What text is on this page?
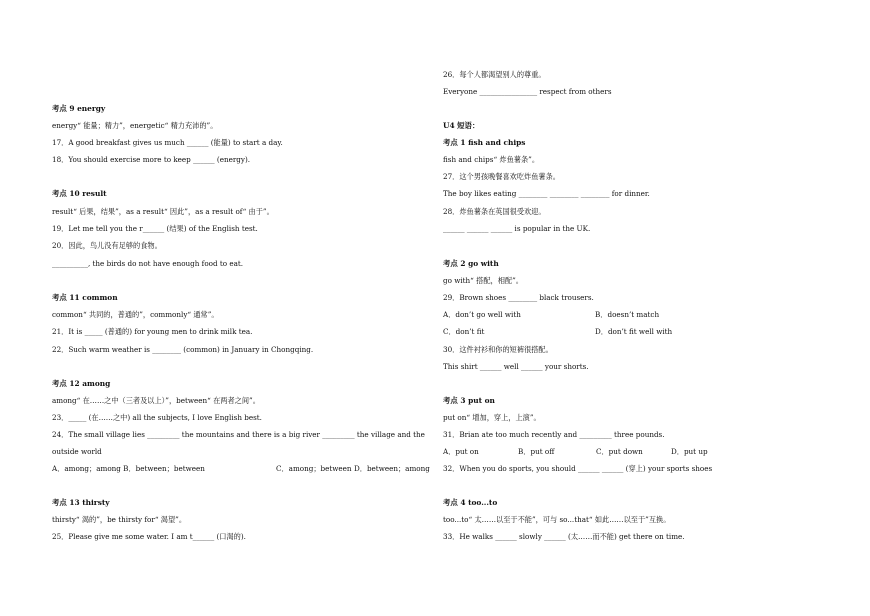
考点 9 energy
energy“ 能量；精力”，energetic“ 精力充沛的”。
17．A good breakfast gives us much ______ (能量) to start a day.
18．You should exercise more to keep ______ (energy).
考点 10 result
result“ 后果，结果”，as a result“ 因此”，as a result of“ 由于”。
19．Let me tell you the r______ (结果) of the English test.
20．因此，鸟儿没有足够的食物。
__________, the birds do not have enough food to eat.
考点 11 common
common“ 共同的，普通的”，commonly“ 通常”。
21．It is _____ (普通的) for young men to drink milk tea.
22．Such warm weather is ________ (common) in January in Chongqing.
考点 12 among
among“ 在……之中（三者及以上）”，between“ 在两者之间”。
23．_____ (在……之中) all the subjects, I love English best.
24．The small village lies _________ the mountains and there is a big river _________ the village and the
outside world
A．among；among B．between；between	C．among；between D．between；among
考点 13 thirsty
thirsty“ 渴的”，be thirsty for“ 渴望”。
25．Please give me some water. I am t______ (口渴的).
26．每个人都渴望别人的尊重。
Everyone ________________ respect from others
U4 短语：
考点 1 fish and chips
fish and chips“ 炸鱼薯条”。
27．这个男孩晚餐喜欢吃炸鱼薯条。
The boy likes eating ________ ________ ________ for dinner.
28．炸鱼薯条在英国很受欢迎。
______ ______ ______ is popular in the UK.
考点 2 go with
go with“ 搭配，相配”。
29．Brown shoes ________ black trousers.
A．don’t go well with	B．doesn’t match
C．don’t fit	D．don’t fit well with
30．这件衬衫和你的短裤很搭配。
This shirt ______ well ______ your shorts.
考点 3 put on
put on“ 增加，穿上，上演”。
31．Brian ate too much recently and _________ three pounds.
A．put on	B．put off	C．put down	D．put up
32．When you do sports, you should ______ ______ (穿上) your sports shoes
考点 4 too...to
too...to“ 太……以至于不能”，可与 so...that“ 如此……以至于”互换。
33．He walks ______ slowly ______ (太……而不能) get there on time.
